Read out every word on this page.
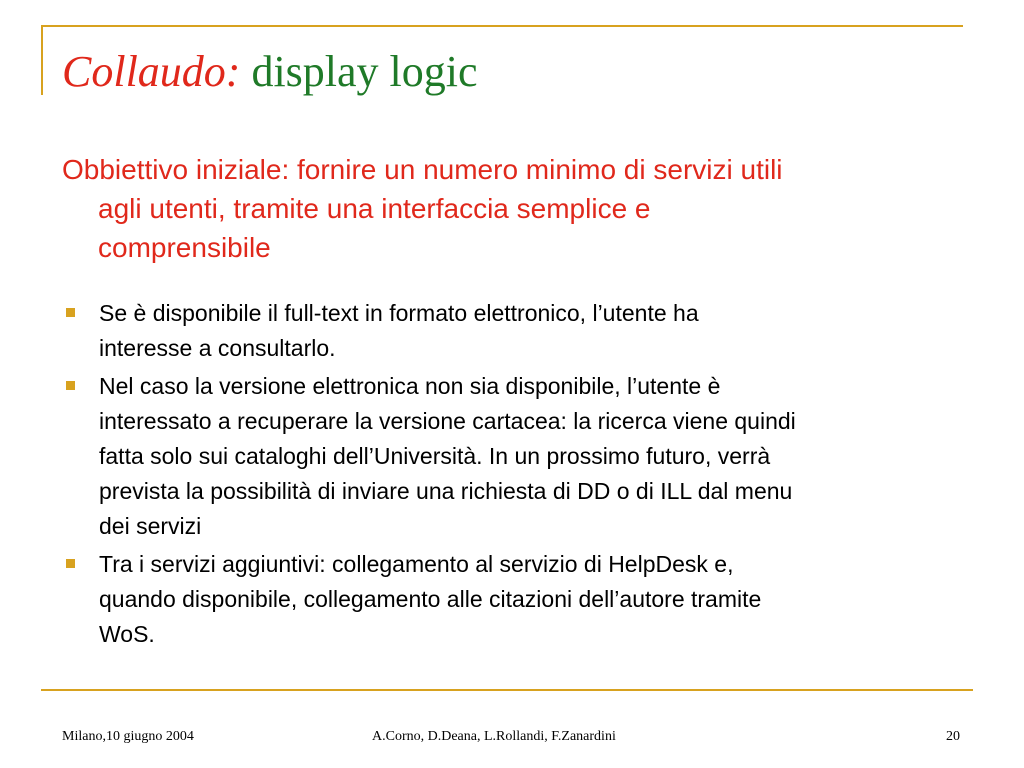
Collaudo: display logic
Obbiettivo iniziale: fornire un numero minimo di servizi utili
agli utenti, tramite una interfaccia semplice e
comprensibile
Se è disponibile il full-text in formato elettronico, l’utente ha
interesse a consultarlo.
Nel caso la versione elettronica non sia disponibile, l’utente è
interessato a recuperare la versione cartacea: la ricerca viene quindi
fatta solo sui cataloghi dell’Università. In un prossimo futuro, verrà
prevista la possibilità di inviare una richiesta di DD o di ILL dal menu
dei servizi
Tra i servizi aggiuntivi: collegamento al servizio di HelpDesk e,
quando disponibile, collegamento alle citazioni dell’autore tramite
WoS.
Milano,10 giugno 2004	A.Corno, D.Deana, L.Rollandi, F.Zanardini	20
